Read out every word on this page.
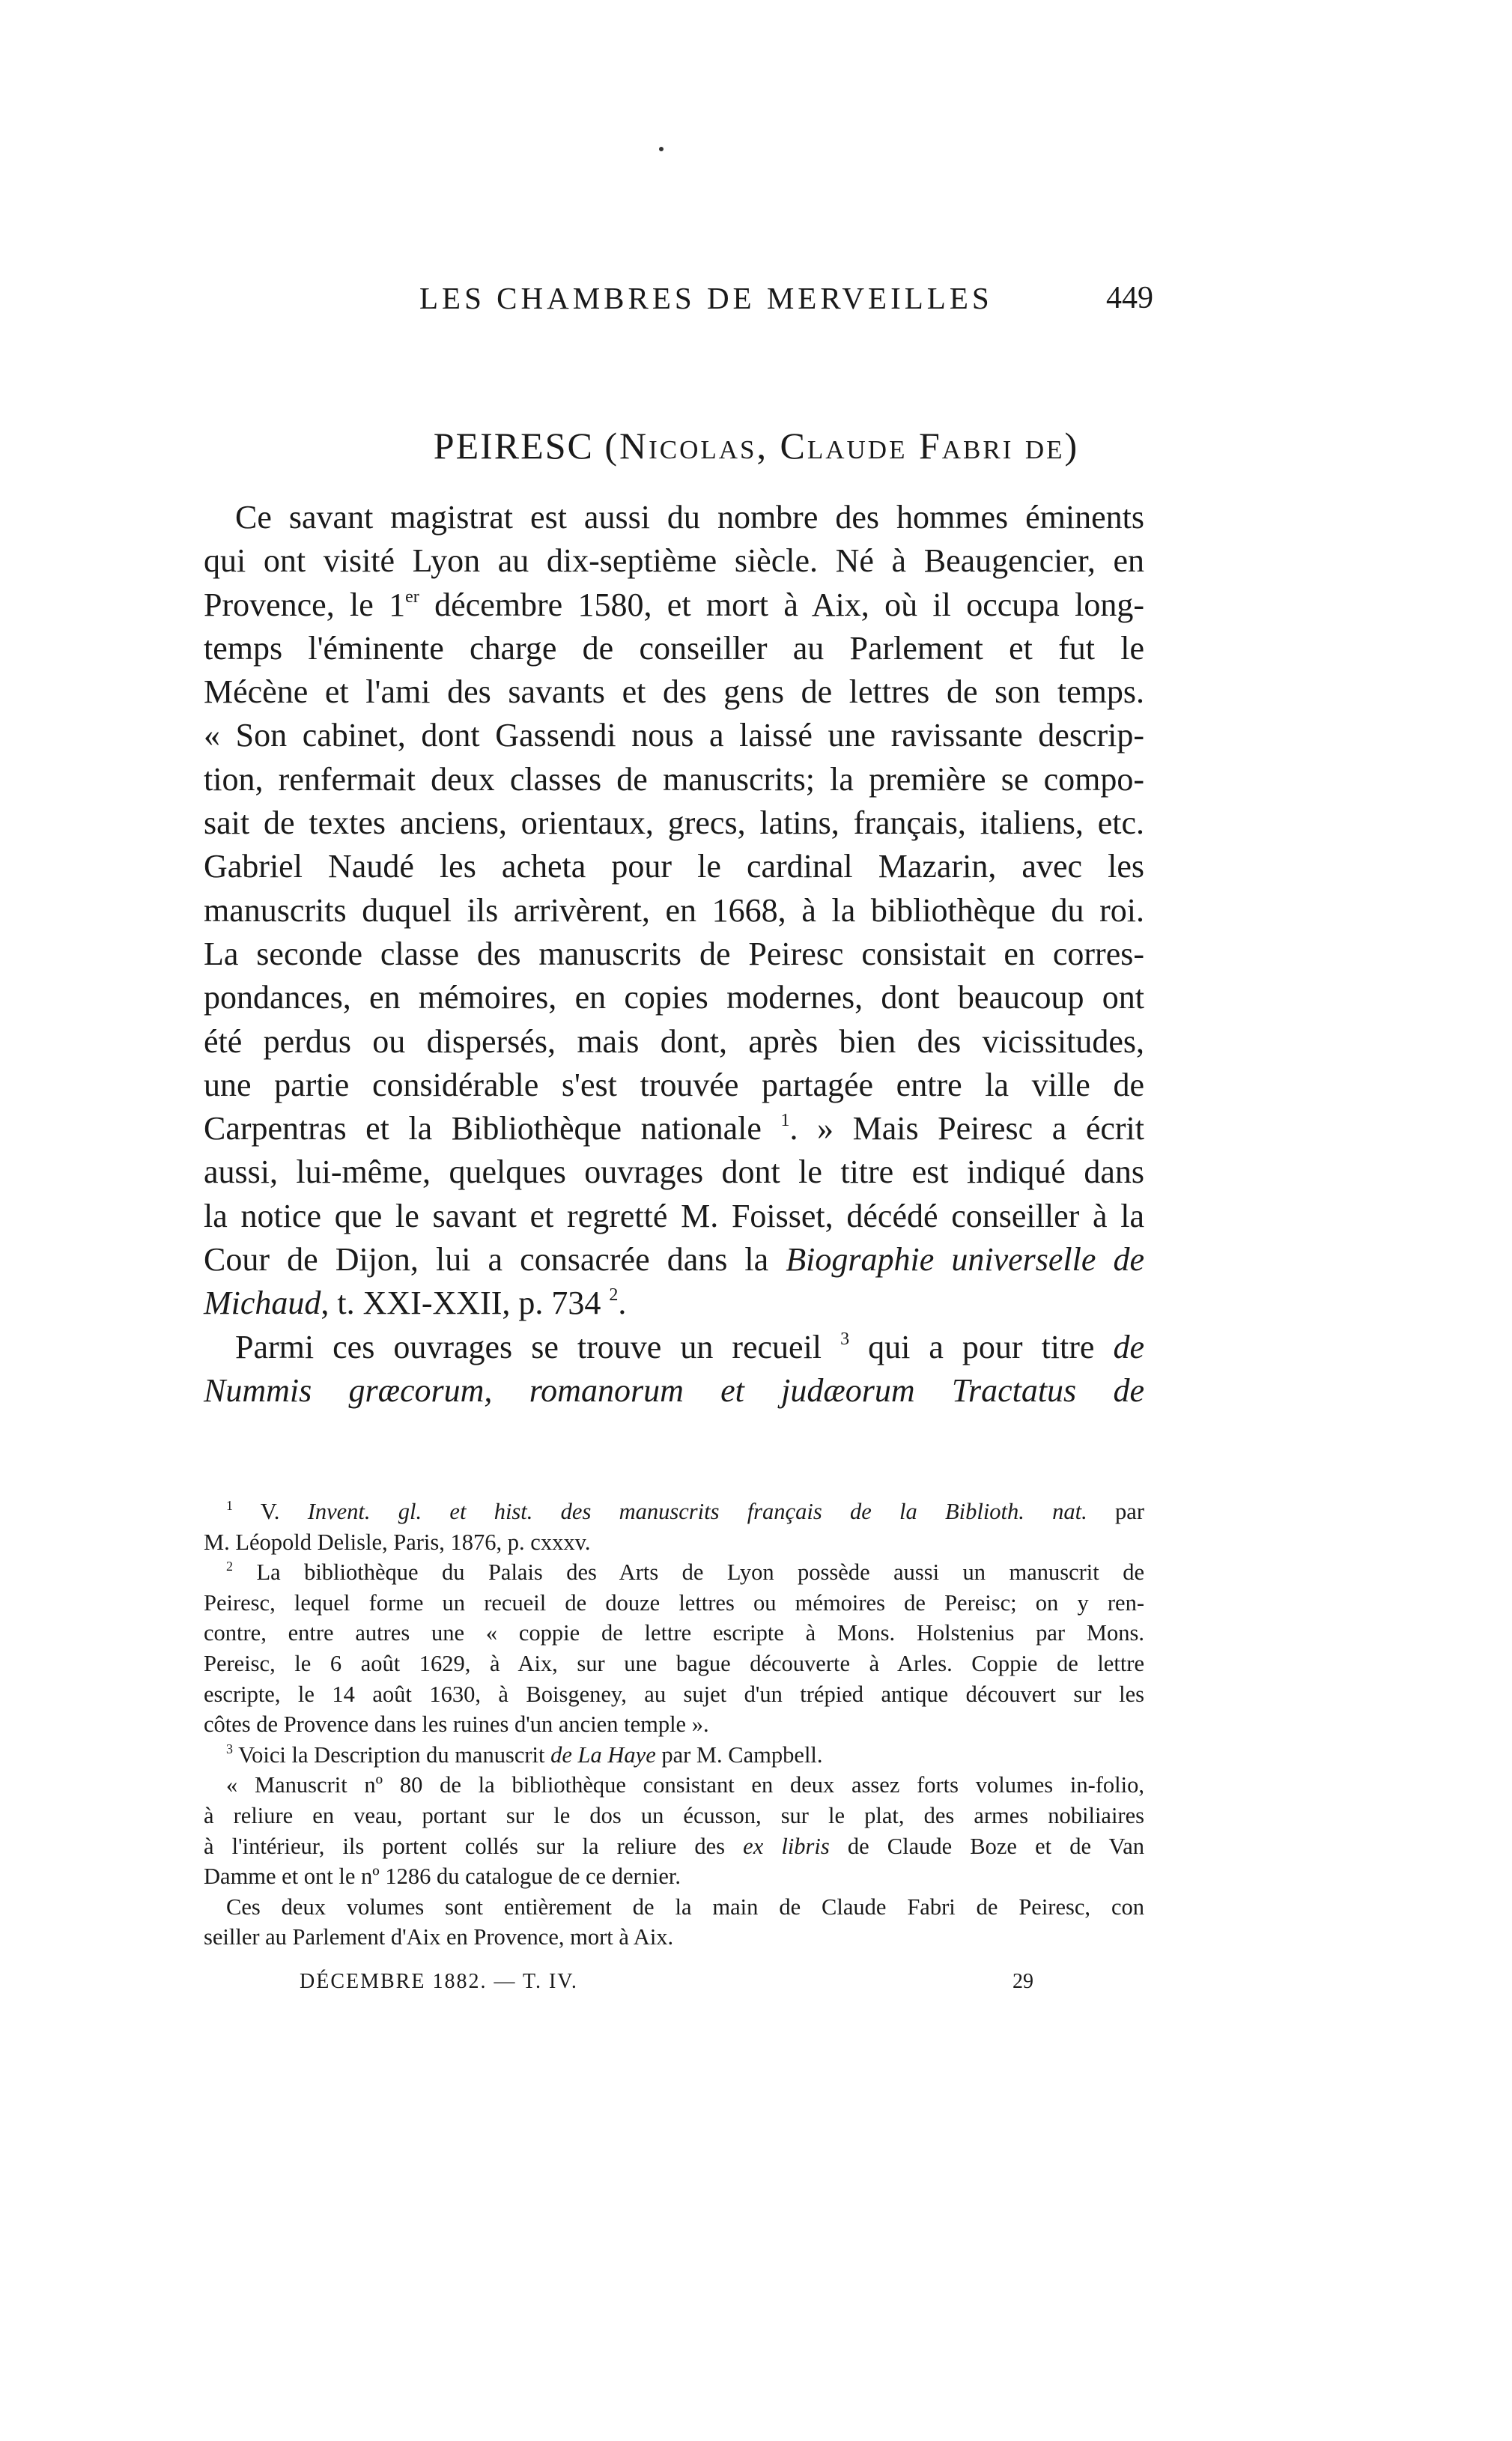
LES CHAMBRES DE MERVEILLES	449
PEIRESC (Nicolas, Claude Fabri de)
Ce savant magistrat est aussi du nombre des hommes éminents
qui ont visité Lyon au dix-septième siècle. Né à Beaugencier, en
Provence, le 1er décembre 1580, et mort à Aix, où il occupa long-
temps l'éminente charge de conseiller au Parlement et fut le
Mécène et l'ami des savants et des gens de lettres de son temps.
« Son cabinet, dont Gassendi nous a laissé une ravissante descrip-
tion, renfermait deux classes de manuscrits; la première se compo-
sait de textes anciens, orientaux, grecs, latins, français, italiens, etc.
Gabriel Naudé les acheta pour le cardinal Mazarin, avec les
manuscrits duquel ils arrivèrent, en 1668, à la bibliothèque du roi.
La seconde classe des manuscrits de Peiresc consistait en corres-
pondances, en mémoires, en copies modernes, dont beaucoup ont
été perdus ou dispersés, mais dont, après bien des vicissitudes,
une partie considérable s'est trouvée partagée entre la ville de
Carpentras et la Bibliothèque nationale $^1$. » Mais Peiresc a écrit
aussi, lui-même, quelques ouvrages dont le titre est indiqué dans
la notice que le savant et regretté M. Foisset, décédé conseiller à la
Cour de Dijon, lui a consacrée dans la Biographie universelle de
Michaud, t. XXI-XXII, p. 734 $^2$.
Parmi ces ouvrages se trouve un recueil $^3$ qui a pour titre de
Nummis græcorum, romanorum et judæorum Tractatus de
$^1$ V. Invent. gl. et hist. des manuscrits français de la Biblioth. nat. par
M. Léopold Delisle, Paris, 1876, p. cxxxv.
$^2$ La bibliothèque du Palais des Arts de Lyon possède aussi un manuscrit de
Peiresc, lequel forme un recueil de douze lettres ou mémoires de Pereisc; on y ren-
contre, entre autres une « coppie de lettre escripte à Mons. Holstenius par Mons.
Pereisc, le 6 août 1629, à Aix, sur une bague découverte à Arles. Coppie de lettre
escripte, le 14 août 1630, à Boisgeney, au sujet d'un trépied antique découvert sur les
côtes de Provence dans les ruines d'un ancien temple ».
$^3$ Voici la Description du manuscrit de La Haye par M. Campbell.
« Manuscrit nº 80 de la bibliothèque consistant en deux assez forts volumes in-folio,
à reliure en veau, portant sur le dos un écusson, sur le plat, des armes nobiliaires
à l'intérieur, ils portent collés sur la reliure des ex libris de Claude Boze et de Van
Damme et ont le nº 1286 du catalogue de ce dernier.
Ces deux volumes sont entièrement de la main de Claude Fabri de Peiresc, con
seiller au Parlement d'Aix en Provence, mort à Aix.
DÉCEMBRE 1882. — T. IV.	29
